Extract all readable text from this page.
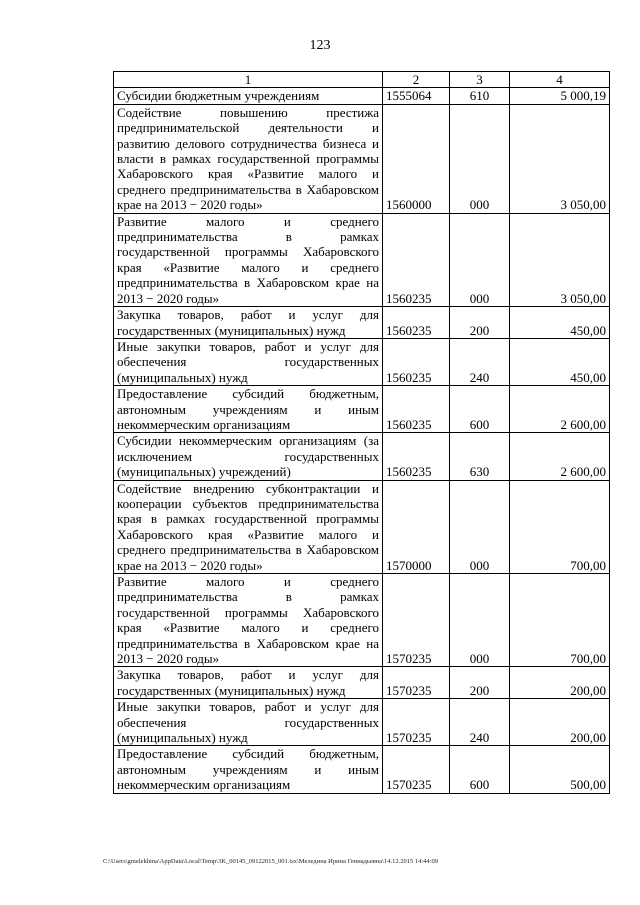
123
1	2	3	4
Субсидии бюджетным учреждениям	1555064	610	5 000,19
Содействие повышению престижа предпринимательской деятельности и развитию делового сотрудничества бизнеса и власти в рамках государственной программы Хабаровского края «Развитие малого и среднего предпринимательства в Хабаровском крае на 2013 − 2020 годы»	1560000	000	3 050,00
Развитие малого и среднего предпринимательства в рамках государственной программы Хабаровского края «Развитие малого и среднего предпринимательства в Хабаровском крае на 2013 − 2020 годы»	1560235	000	3 050,00
Закупка товаров, работ и услуг для государственных (муниципальных) нужд	1560235	200	450,00
Иные закупки товаров, работ и услуг для обеспечения государственных (муниципальных) нужд	1560235	240	450,00
Предоставление субсидий бюджетным, автономным учреждениям и иным некоммерческим организациям	1560235	600	2 600,00
Субсидии некоммерческим организациям (за исключением государственных (муниципальных) учреждений)	1560235	630	2 600,00
Содействие внедрению субконтрактации и кооперации субъектов предпринимательства края в рамках государственной программы Хабаровского края «Развитие малого и среднего предпринимательства в Хабаровском крае на 2013 − 2020 годы»	1570000	000	700,00
Развитие малого и среднего предпринимательства в рамках государственной программы Хабаровского края «Развитие малого и среднего предпринимательства в Хабаровском крае на 2013 − 2020 годы»	1570235	000	700,00
Закупка товаров, работ и услуг для государственных (муниципальных) нужд	1570235	200	200,00
Иные закупки товаров, работ и услуг для обеспечения государственных (муниципальных) нужд	1570235	240	200,00
Предоставление субсидий бюджетным, автономным учреждениям и иным некоммерческим организациям	1570235	600	500,00
C:\Users\gmelekhina\AppData\Local\Temp\3K_00145_09122015_001.tsx\Меледина Ирина Геннадьевна\14.12.2015 14:44:09
